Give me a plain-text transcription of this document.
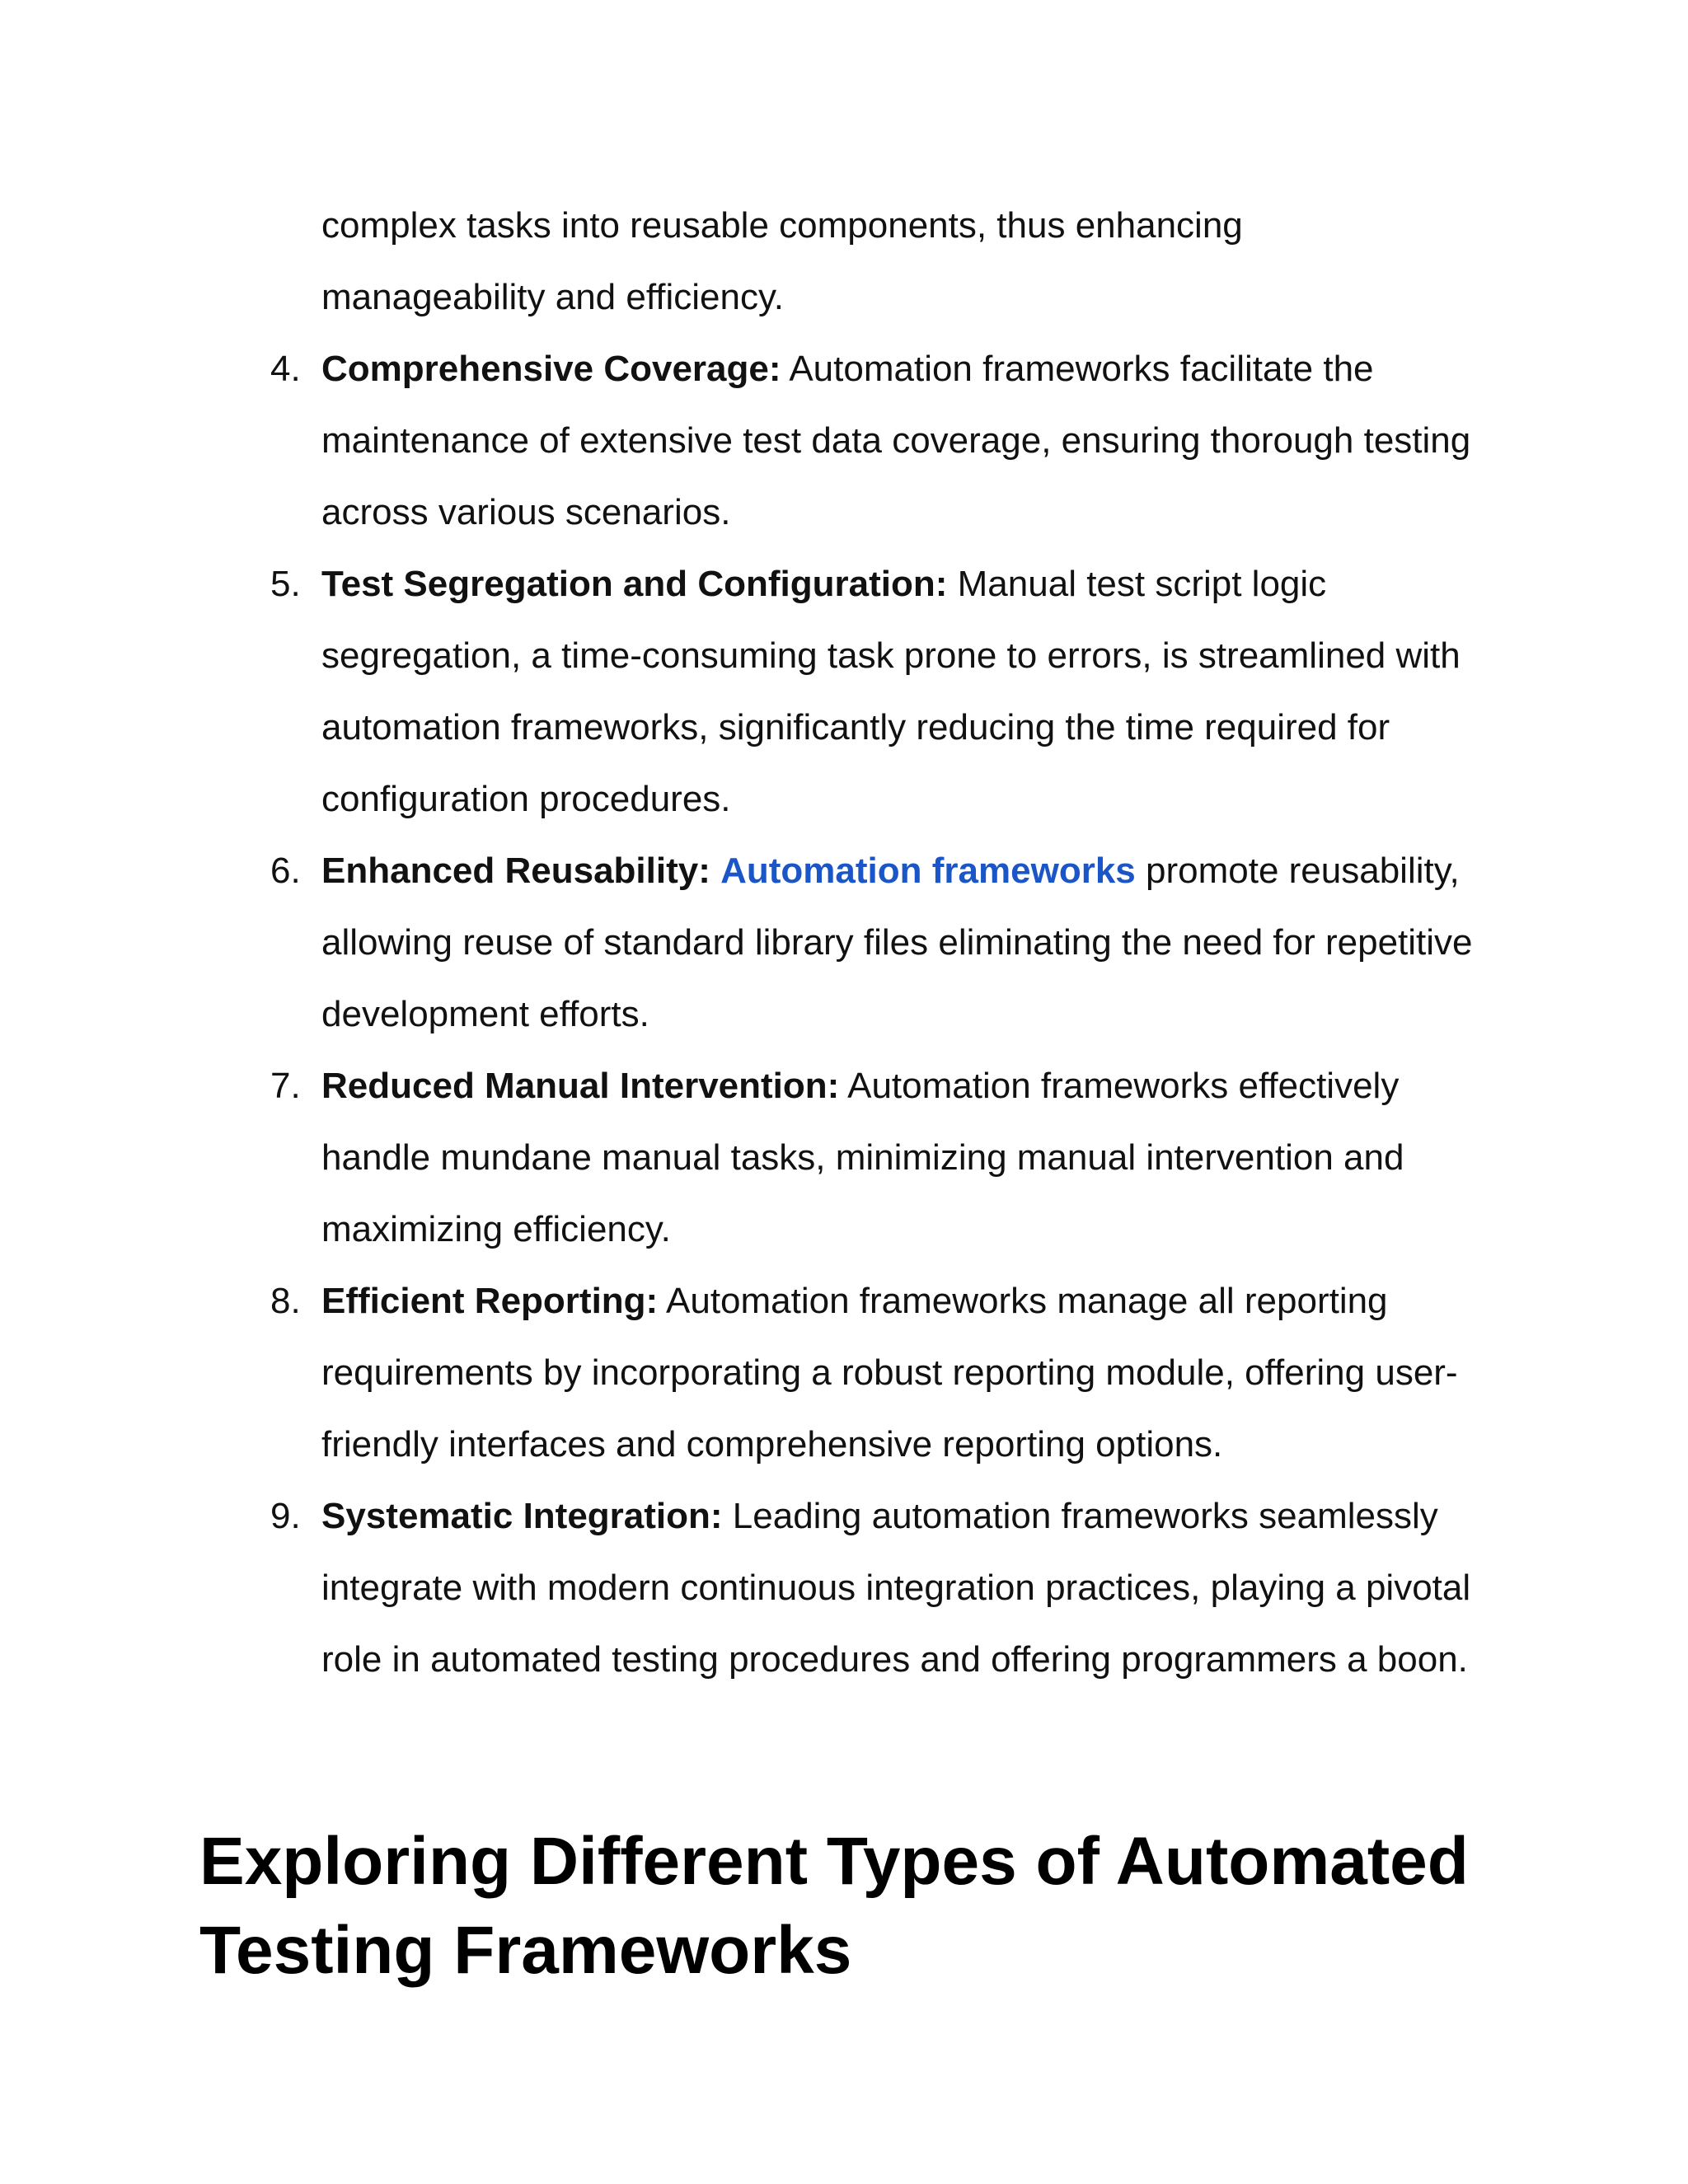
complex tasks into reusable components, thus enhancing manageability and efficiency.

4. Comprehensive Coverage: Automation frameworks facilitate the maintenance of extensive test data coverage, ensuring thorough testing across various scenarios.
5. Test Segregation and Configuration: Manual test script logic segregation, a time-consuming task prone to errors, is streamlined with automation frameworks, significantly reducing the time required for configuration procedures.
6. Enhanced Reusability: Automation frameworks promote reusability, allowing reuse of standard library files eliminating the need for repetitive development efforts.
7. Reduced Manual Intervention: Automation frameworks effectively handle mundane manual tasks, minimizing manual intervention and maximizing efficiency.
8. Efficient Reporting: Automation frameworks manage all reporting requirements by incorporating a robust reporting module, offering user-friendly interfaces and comprehensive reporting options.
9. Systematic Integration: Leading automation frameworks seamlessly integrate with modern continuous integration practices, playing a pivotal role in automated testing procedures and offering programmers a boon.
Exploring Different Types of Automated Testing Frameworks
